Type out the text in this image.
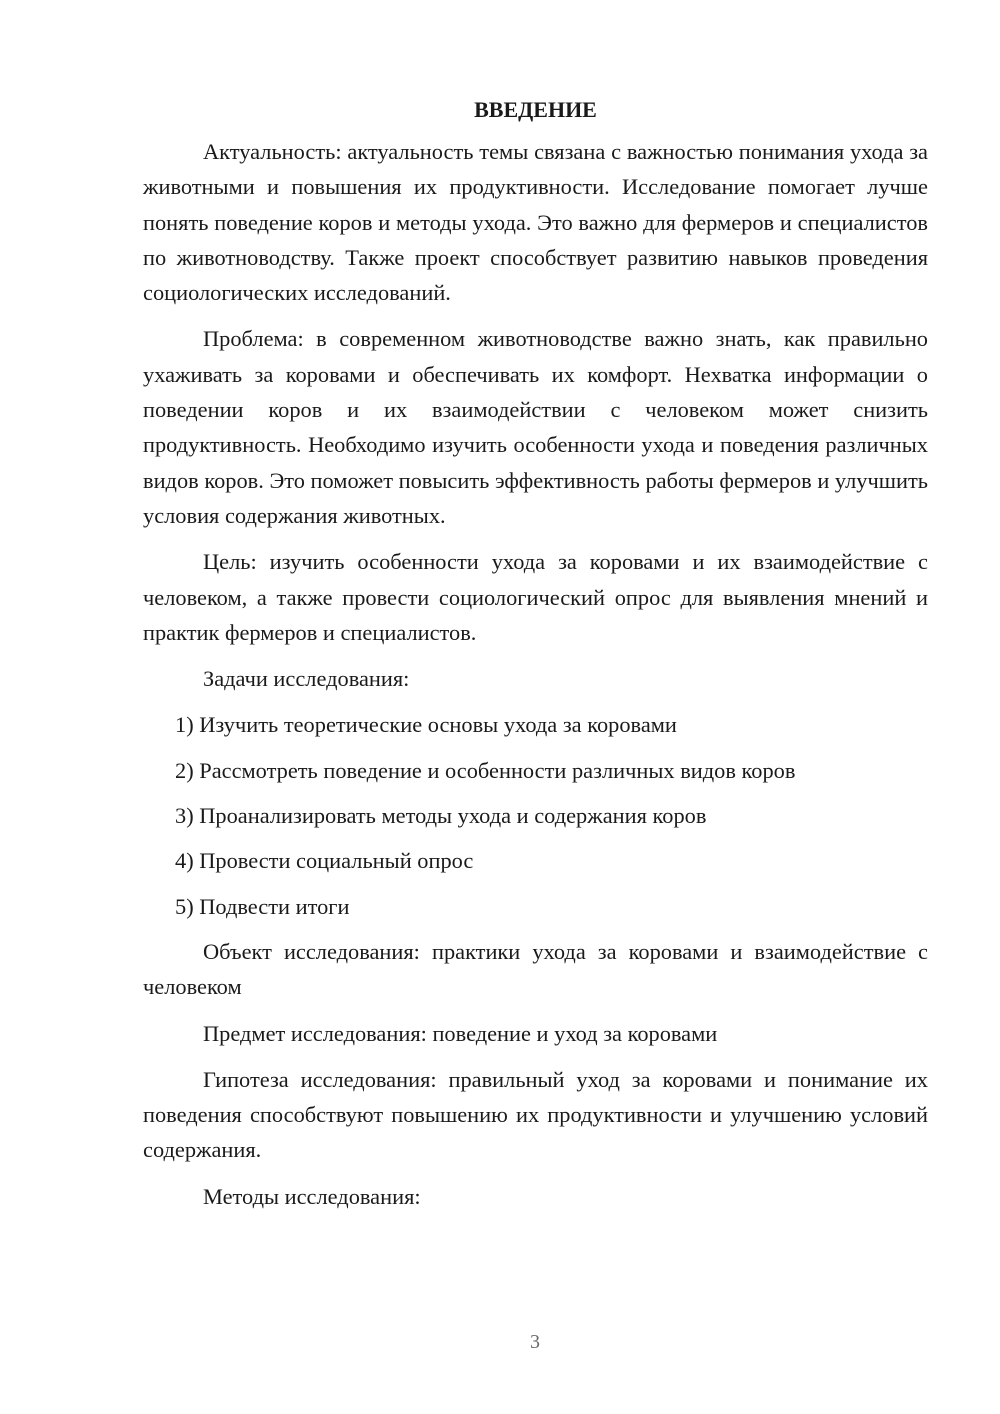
ВВЕДЕНИЕ

Актуальность: актуальность темы связана с важностью понимания ухода за животными и повышения их продуктивности. Исследование помогает лучше понять поведение коров и методы ухода. Это важно для фермеров и специалистов по животноводству. Также проект способствует развитию навыков проведения социологических исследований.

Проблема: в современном животноводстве важно знать, как правильно ухаживать за коровами и обеспечивать их комфорт. Нехватка информации о поведении коров и их взаимодействии с человеком может снизить продуктивность. Необходимо изучить особенности ухода и поведения различных видов коров. Это поможет повысить эффективность работы фермеров и улучшить условия содержания животных.

Цель: изучить особенности ухода за коровами и их взаимодействие с человеком, а также провести социологический опрос для выявления мнений и практик фермеров и специалистов.

Задачи исследования:

1) Изучить теоретические основы ухода за коровами
2) Рассмотреть поведение и особенности различных видов коров
3) Проанализировать методы ухода и содержания коров
4) Провести социальный опрос
5) Подвести итоги

Объект исследования: практики ухода за коровами и взаимодействие с человеком

Предмет исследования: поведение и уход за коровами

Гипотеза исследования: правильный уход за коровами и понимание их поведения способствуют повышению их продуктивности и улучшению условий содержания.

Методы исследования:

3
